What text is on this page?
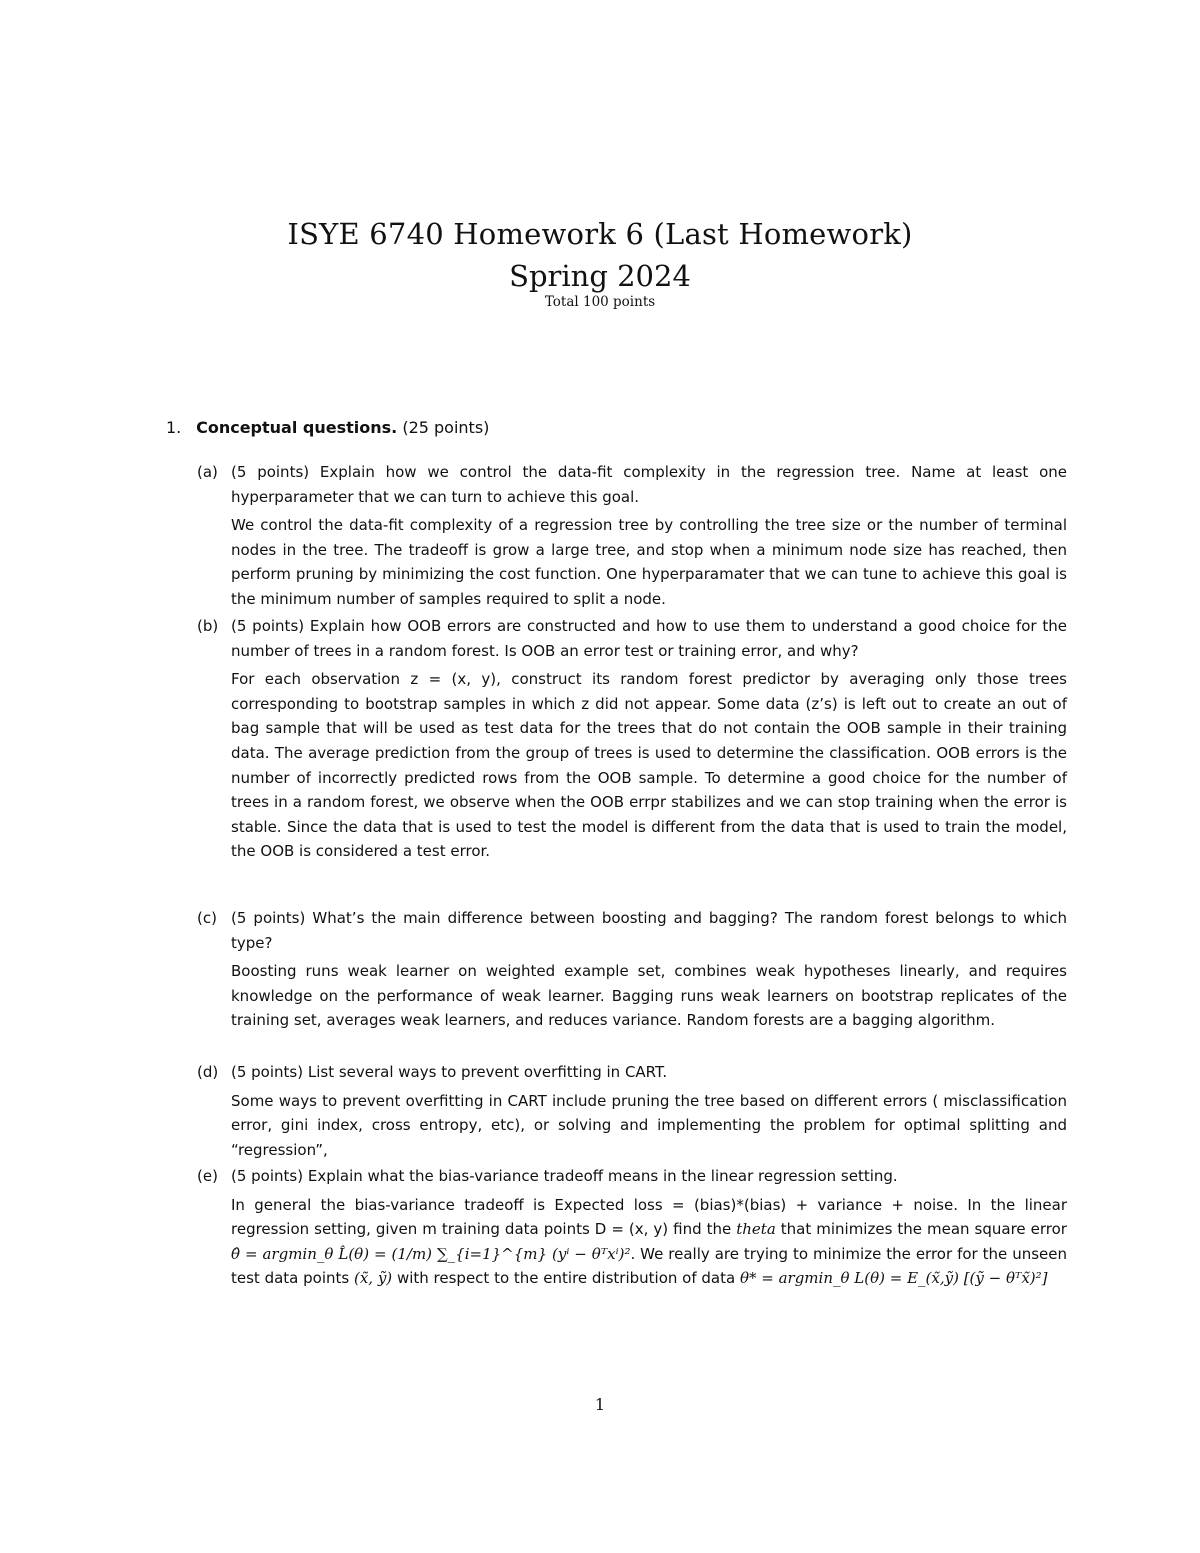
ISYE 6740 Homework 6 (Last Homework)
Spring 2024
Total 100 points
1. Conceptual questions. (25 points)
(a) (5 points) Explain how we control the data-fit complexity in the regression tree. Name at least one hyperparameter that we can turn to achieve this goal.
We control the data-fit complexity of a regression tree by controlling the tree size or the number of terminal nodes in the tree. The tradeoff is grow a large tree, and stop when a minimum node size has reached, then perform pruning by minimizing the cost function. One hyperparamater that we can tune to achieve this goal is the minimum number of samples required to split a node.
(b) (5 points) Explain how OOB errors are constructed and how to use them to understand a good choice for the number of trees in a random forest. Is OOB an error test or training error, and why?
For each observation z = (x, y), construct its random forest predictor by averaging only those trees corresponding to bootstrap samples in which z did not appear. Some data (z’s) is left out to create an out of bag sample that will be used as test data for the trees that do not contain the OOB sample in their training data. The average prediction from the group of trees is used to determine the classification. OOB errors is the number of incorrectly predicted rows from the OOB sample. To determine a good choice for the number of trees in a random forest, we observe when the OOB errpr stabilizes and we can stop training when the error is stable. Since the data that is used to test the model is different from the data that is used to train the model, the OOB is considered a test error.
(c) (5 points) What’s the main difference between boosting and bagging? The random forest belongs to which type?
Boosting runs weak learner on weighted example set, combines weak hypotheses linearly, and requires knowledge on the performance of weak learner. Bagging runs weak learners on bootstrap replicates of the training set, averages weak learners, and reduces variance. Random forests are a bagging algorithm.
(d) (5 points) List several ways to prevent overfitting in CART.
Some ways to prevent overfitting in CART include pruning the tree based on different errors ( misclassification error, gini index, cross entropy, etc), or solving and implementing the problem for optimal splitting and “regression”,
(e) (5 points) Explain what the bias-variance tradeoff means in the linear regression setting.
In general the bias-variance tradeoff is Expected loss = (bias)*(bias) + variance + noise. In the linear regression setting, given m training data points D = (x, y) find the theta that minimizes the mean square error θ̂ = argmin_θ L̂(θ) = (1/m) ∑_{i=1}^{m} (yⁱ − θᵀxⁱ)². We really are trying to minimize the error for the unseen test data points (x̃, ỹ) with respect to the entire distribution of data θ* = argmin_θ L(θ) = E_(x̃,ỹ) [(ỹ − θᵀx̃)²]
1
